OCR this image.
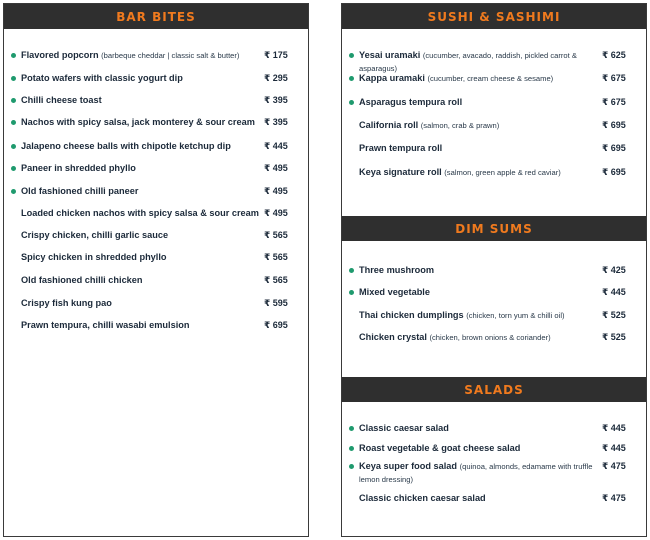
BAR BITES
Flavored popcorn (barbeque cheddar | classic salt & butter)	₹ 175
Potato wafers with classic yogurt dip	₹ 295
Chilli cheese toast	₹ 395
Nachos with spicy salsa, jack monterey & sour cream	₹ 395
Jalapeno cheese balls with chipotle ketchup dip	₹ 445
Paneer in shredded phyllo	₹ 495
Old fashioned chilli paneer	₹ 495
Loaded chicken nachos with spicy salsa & sour cream ₹ 495
Crispy chicken, chilli garlic sauce	₹ 565
Spicy chicken in shredded phyllo	₹ 565
Old fashioned chilli chicken	₹ 565
Crispy fish kung pao	₹ 595
Prawn tempura, chilli wasabi emulsion	₹ 695
SUSHI & SASHIMI
Yesai uramaki (cucumber, avacado, raddish, pickled carrot & asparagus)
₹ 625
Kappa uramaki (cucumber, cream cheese & sesame)	₹ 675
Asparagus tempura roll	₹ 675
California roll (salmon, crab & prawn)	₹ 695
Prawn tempura roll	₹ 695
Keya signature roll (salmon, green apple & red caviar)	₹ 695
DIM SUMS
Three mushroom	₹ 425
Mixed vegetable	₹ 445
Thai chicken dumplings (chicken, torn yum & chilli oil)	₹ 525
Chicken crystal (chicken, brown onions & coriander)	₹ 525
SALADS
Classic caesar salad	₹ 445
Roast vegetable & goat cheese salad	₹ 445
Keya super food salad (quinoa, almonds, edamame with truffle lemon dressing)
₹ 475
Classic chicken caesar salad	₹ 475
